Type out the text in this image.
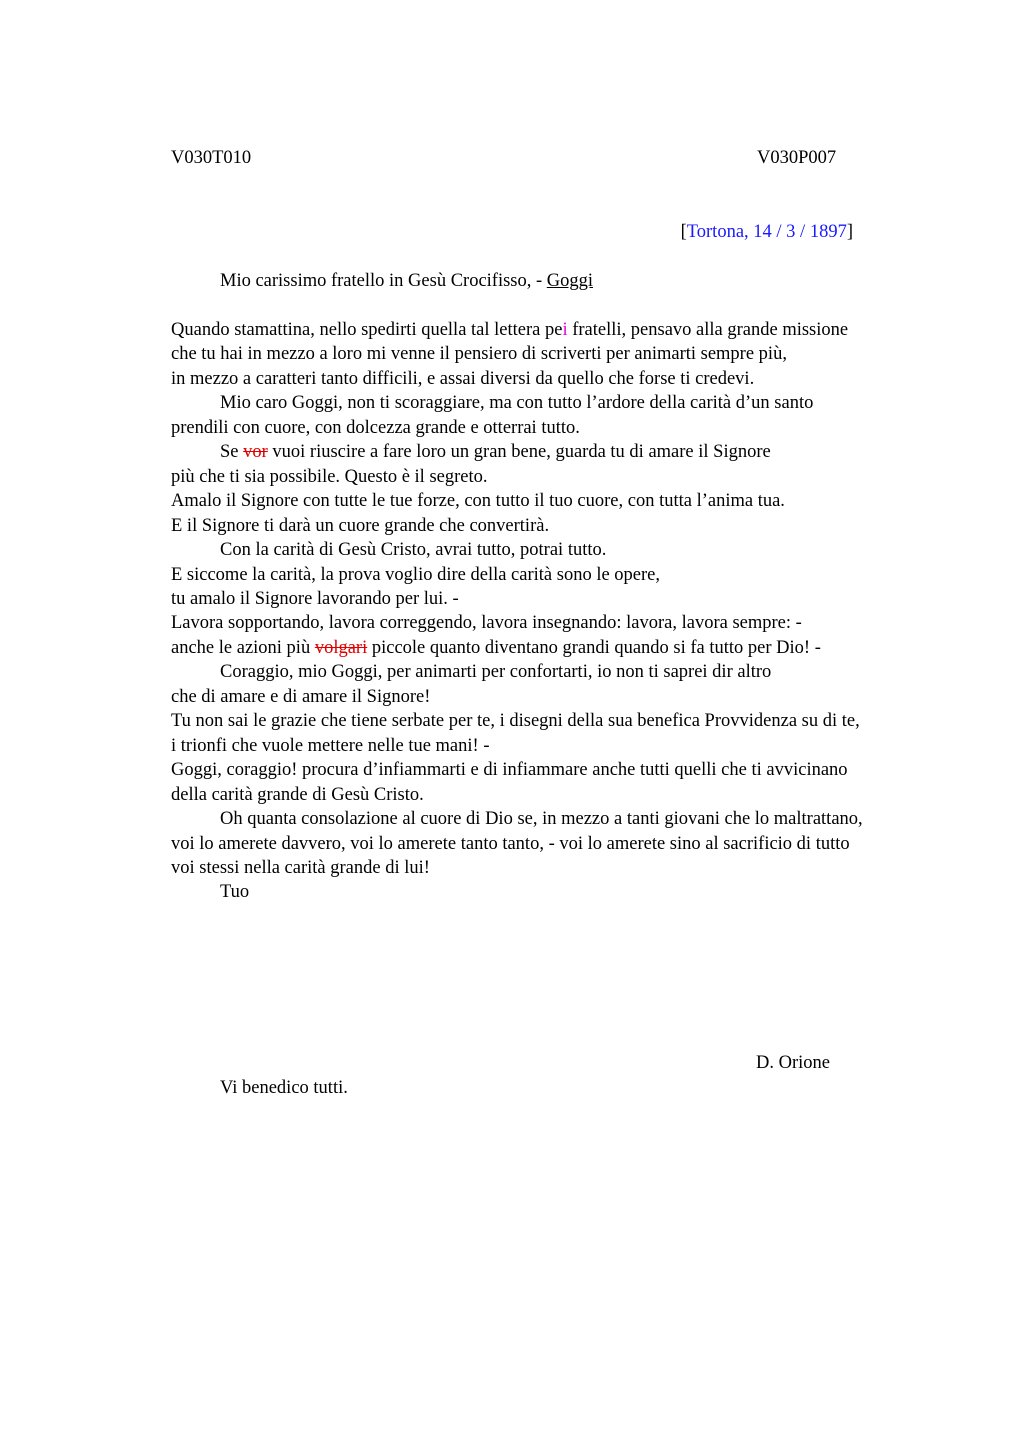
V030T010	V030P007
[Tortona, 14 / 3 / 1897]
Mio carissimo fratello in Gesù Crocifisso, - Goggi
Quando stamattina, nello spedirti quella tal lettera pei fratelli, pensavo alla grande missione
che tu hai in mezzo a loro mi venne il pensiero di scriverti per animarti sempre più,
in mezzo a caratteri tanto difficili, e assai diversi da quello che forse ti credevi.
Mio caro Goggi, non ti scoraggiare, ma con tutto l’ardore della carità d’un santo
prendili con cuore, con dolcezza grande e otterrai tutto.
Se vor vuoi riuscire a fare loro un gran bene, guarda tu di amare il Signore
più che ti sia possibile. Questo è il segreto.
Amalo il Signore con tutte le tue forze, con tutto il tuo cuore, con tutta l’anima tua.
E il Signore ti darà un cuore grande che convertirà.
Con la carità di Gesù Cristo, avrai tutto, potrai tutto.
E siccome la carità, la prova voglio dire della carità sono le opere,
tu amalo il Signore lavorando per lui. -
Lavora sopportando, lavora correggendo, lavora insegnando: lavora, lavora sempre: -
anche le azioni più volgari piccole quanto diventano grandi quando si fa tutto per Dio! -
Coraggio, mio Goggi, per animarti per confortarti, io non ti saprei dir altro
che di amare e di amare il Signore!
Tu non sai le grazie che tiene serbate per te, i disegni della sua benefica Provvidenza su di te,
i trionfi che vuole mettere nelle tue mani! -
Goggi, coraggio! procura d’infiammarti e di infiammare anche tutti quelli che ti avvicinano
della carità grande di Gesù Cristo.
Oh quanta consolazione al cuore di Dio se, in mezzo a tanti giovani che lo maltrattano,
voi lo amerete davvero, voi lo amerete tanto tanto, - voi lo amerete sino al sacrificio di tutto
voi stessi nella carità grande di lui!
Tuo
D. Orione
Vi benedico tutti.
